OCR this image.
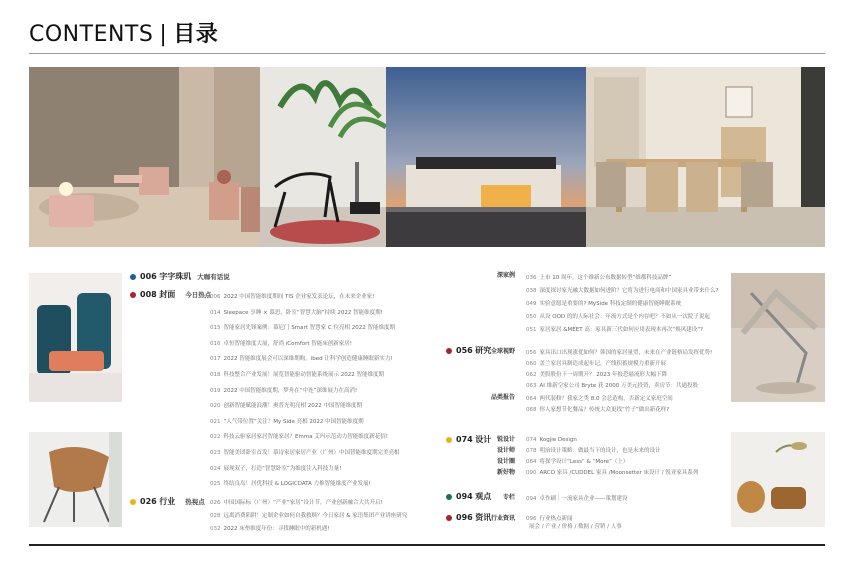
CONTENTS | 目录
006
字字珠玑 大咖有话说
008
封面 今日热点
006 2022 中国智能维度期间 TIS 企业家发表论坛，在未来企业家!
014 Sleepace 享睡 × 慕思，卧室“智慧大脑”持续 2022 智能维度期!
015 智能家居先锋案例：慕尼门 Smart 智慧家 C 位亮相 2022 智能维度期
016 卓恒智能维度大展，舒尚 iComfort 智能床创新家居!
017 2022 智能维度展会可以深维期购，ibed 让科学创造健康睡眠新实力!
018 科技整合产业发展！展览智能驱动智能系统展示 2022 智能维度期
019 2022 中国智能维度期，梦舟在“中连”深维展力在高消!
020 创新智能赋能浪潮！奥普光明亮相 2022 中国智能维度期
021 “人气带位置”关注！My Side 亮相 2022 中国智能维度期
022 科技云驱家居家居智能家居？Emma 艾玛示范动力智能维度新花招!
023 智能美团卧室首发！慕诗家居家居产业（广州）中国智能维度期完美亮相
024 展现双子，打造“智慧卧室”为维度注入科技力量!
025 终结良岛！居优科技 & LOGICDATA 力推智能维度产业发展!
026
行业 热视点 026 中国国际标（广州）“产业”家居”设计节，产业创新融合大共开启!
028 远离消费陷阱！定制企业如何自我救赎？今日家居 & 家语集团产业讲座研究
032 2022 床垫维度年份：寻找睡眠中的新机遇!
深家例 036 上市 10 周年，这个维新公布数据转型“维都科技品牌”
038 深度探讨家光融大数据如何进阶？它将为进行电商和中国家具业带来什么?
049 实验意愿是重要的? MySide 科技定制的健康智能睡眠系统
050 从设 OOD 的的人际社会：年流方式是个内存吧？不如从一次院子说起
051 家居家居 &MEET 高：家具新三代如何应用表现本再次“焕风建设”?
056
研究 全球视野 056 家具出口出现涨优如何？韩国的家居量贸，未来在产业链格局发挥优势!
060 盖兰家居具制造成起步记，产线积蓄规模力重新开展
062 美股股份下一周期开？ 2023 年报恐悬流形大幅下降
063 AI 维新空家公司 Bryte 获 2000 万美元投资，卖房节：共通投股
品类报告 064 两代装修？我家之类 8.0 会总造构，否新定义家庭空间
068 你人家想节化餐品？传统大众更找“竹子”做出新花样?
074
设计 锐设计 074 Kogjie Design
设计师 078 明治设计策略：做最当下的设计，也是未来的设计
设计圈 084 将探学设计“Less” & “More”（上）
新好物 090 ARCO 家具 /CUDDEL 家具 /Moonsetter 床设计 / 锐亚家具系列
094
观点	专栏 094 卓作刷｜一流家具企业——策划建设
096
资讯 行业资讯 096 行业热点新闻
展会 / 产业 / 价格 / 数据 / 营销 / 人事
